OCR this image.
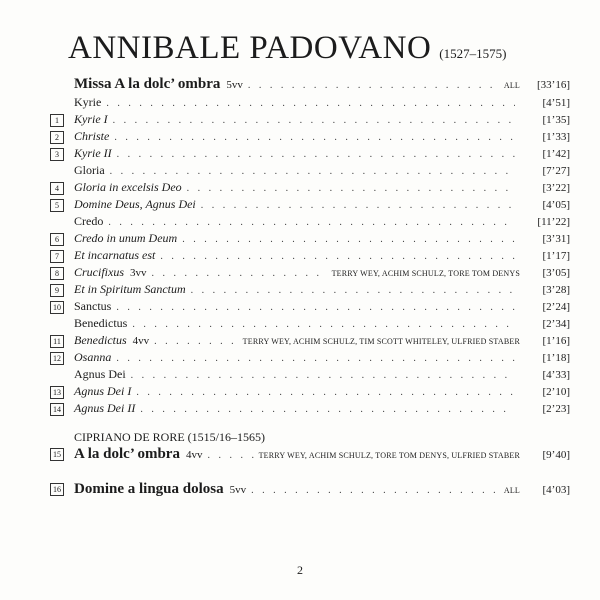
ANNIBALE PADOVANO (1527–1575)
Missa A la dolc’ ombra 5vv . . .	ALL	[33’16]
Kyrie . . .	[4’51]
1	Kyrie I . . .	[1’35]
2	Christe . . .	[1’33]
3	Kyrie II . . .	[1’42]
Gloria . . .	[7’27]
4	Gloria in excelsis Deo . . .	[3’22]
5	Domine Deus, Agnus Dei . . .	[4’05]
Credo . . .	[11’22]
6	Credo in unum Deum . . .	[3’31]
7	Et incarnatus est . . .	[1’17]
8	Crucifixus 3vv . . .	TERRY WEY, ACHIM SCHULZ, TORE TOM DENYS	[3’05]
9	Et in Spiritum Sanctum . . .	[3’28]
10 Sanctus . . .	[2’24]
Benedictus . . .	[2’34]
11 Benedictus 4vv . . .	TERRY WEY, ACHIM SCHULZ, TIM SCOTT WHITELEY, ULFRIED STABER	[1’16]
12 Osanna . . .	[1’18]
Agnus Dei . . .	[4’33]
13 Agnus Dei I . . .	[2’10]
14 Agnus Dei II . . .	[2’23]
CIPRIANO DE RORE (1515/16–1565)
15 A la dolc’ ombra 4vv . . .	TERRY WEY, ACHIM SCHULZ, TORE TOM DENYS, ULFRIED STABER	[9’40]
16 Domine a lingua dolosa 5vv . . .	ALL	[4’03]
2
